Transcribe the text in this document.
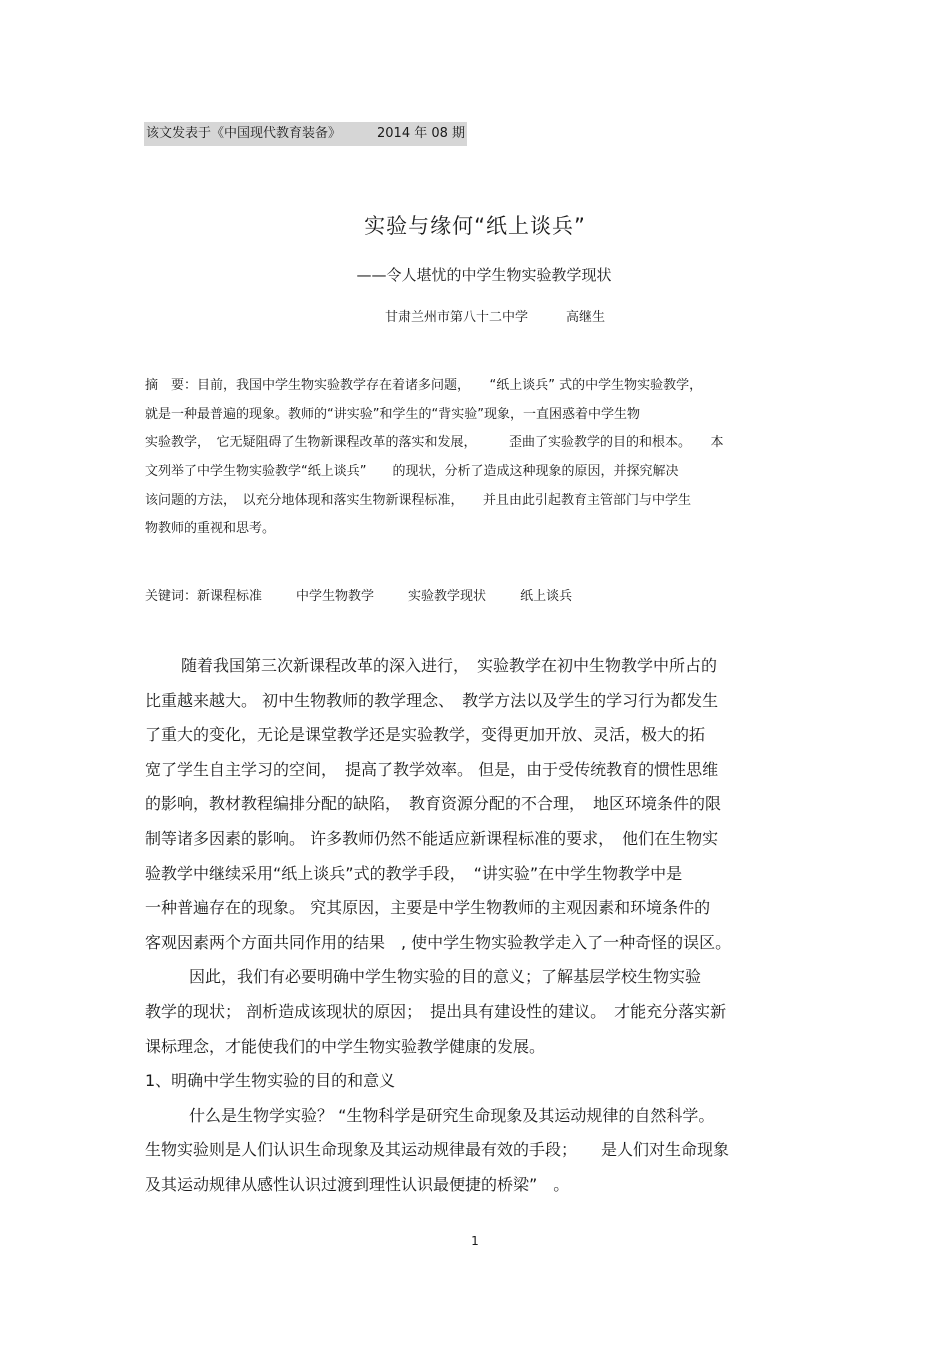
该文发表于《中国现代教育装备》	2014 年 08 期
实验与缘何“纸上谈兵”
——令人堪忧的中学生物实验教学现状
甘肃兰州市第八十二中学	高继生
摘　要：目前，我国中学生物实验教学存在着诸多问题，　　“纸上谈兵” 式的中学生物实验教学，
就是一种最普遍的现象。教师的“讲实验”和学生的“背实验”现象，一直困惑着中学生物
实验教学，　它无疑阻碍了生物新课程改革的落实和发展，　　　歪曲了实验教学的目的和根本。　　本
文列举了中学生物实验教学“纸上谈兵”　　的现状，分析了造成这种现象的原因，并探究解决
该问题的方法，　以充分地体现和落实生物新课程标准，　　并且由此引起教育主管部门与中学生
物教师的重视和思考。
关键词：新课程标准	中学生物教学	实验教学现状	纸上谈兵
随着我国第三次新课程改革的深入进行，　实验教学在初中生物教学中所占的
比重越来越大。 初中生物教师的教学理念、　教学方法以及学生的学习行为都发生
了重大的变化，无论是课堂教学还是实验教学，变得更加开放、灵活，极大的拓
宽了学生自主学习的空间，　提高了教学效率。 但是，由于受传统教育的惯性思维
的影响，教材教程编排分配的缺陷，　教育资源分配的不合理，　地区环境条件的限
制等诸多因素的影响。 许多教师仍然不能适应新课程标准的要求，　他们在生物实
验教学中继续采用“纸上谈兵”式的教学手段，　“讲实验”在中学生物教学中是
一种普遍存在的现象。 究其原因，主要是中学生物教师的主观因素和环境条件的
客观因素两个方面共同作用的结果　, 使中学生物实验教学走入了一种奇怪的误区。
因此，我们有必要明确中学生物实验的目的意义；了解基层学校生物实验
教学的现状； 剖析造成该现状的原因；　提出具有建设性的建议。　才能充分落实新
课标理念，才能使我们的中学生物实验教学健康的发展。
1、明确中学生物实验的目的和意义
什么是生物学实验？ “生物科学是研究生命现象及其运动规律的自然科学。
生物实验则是人们认识生命现象及其运动规律最有效的手段；　　是人们对生命现象
及其运动规律从感性认识过渡到理性认识最便捷的桥梁”　。
1
